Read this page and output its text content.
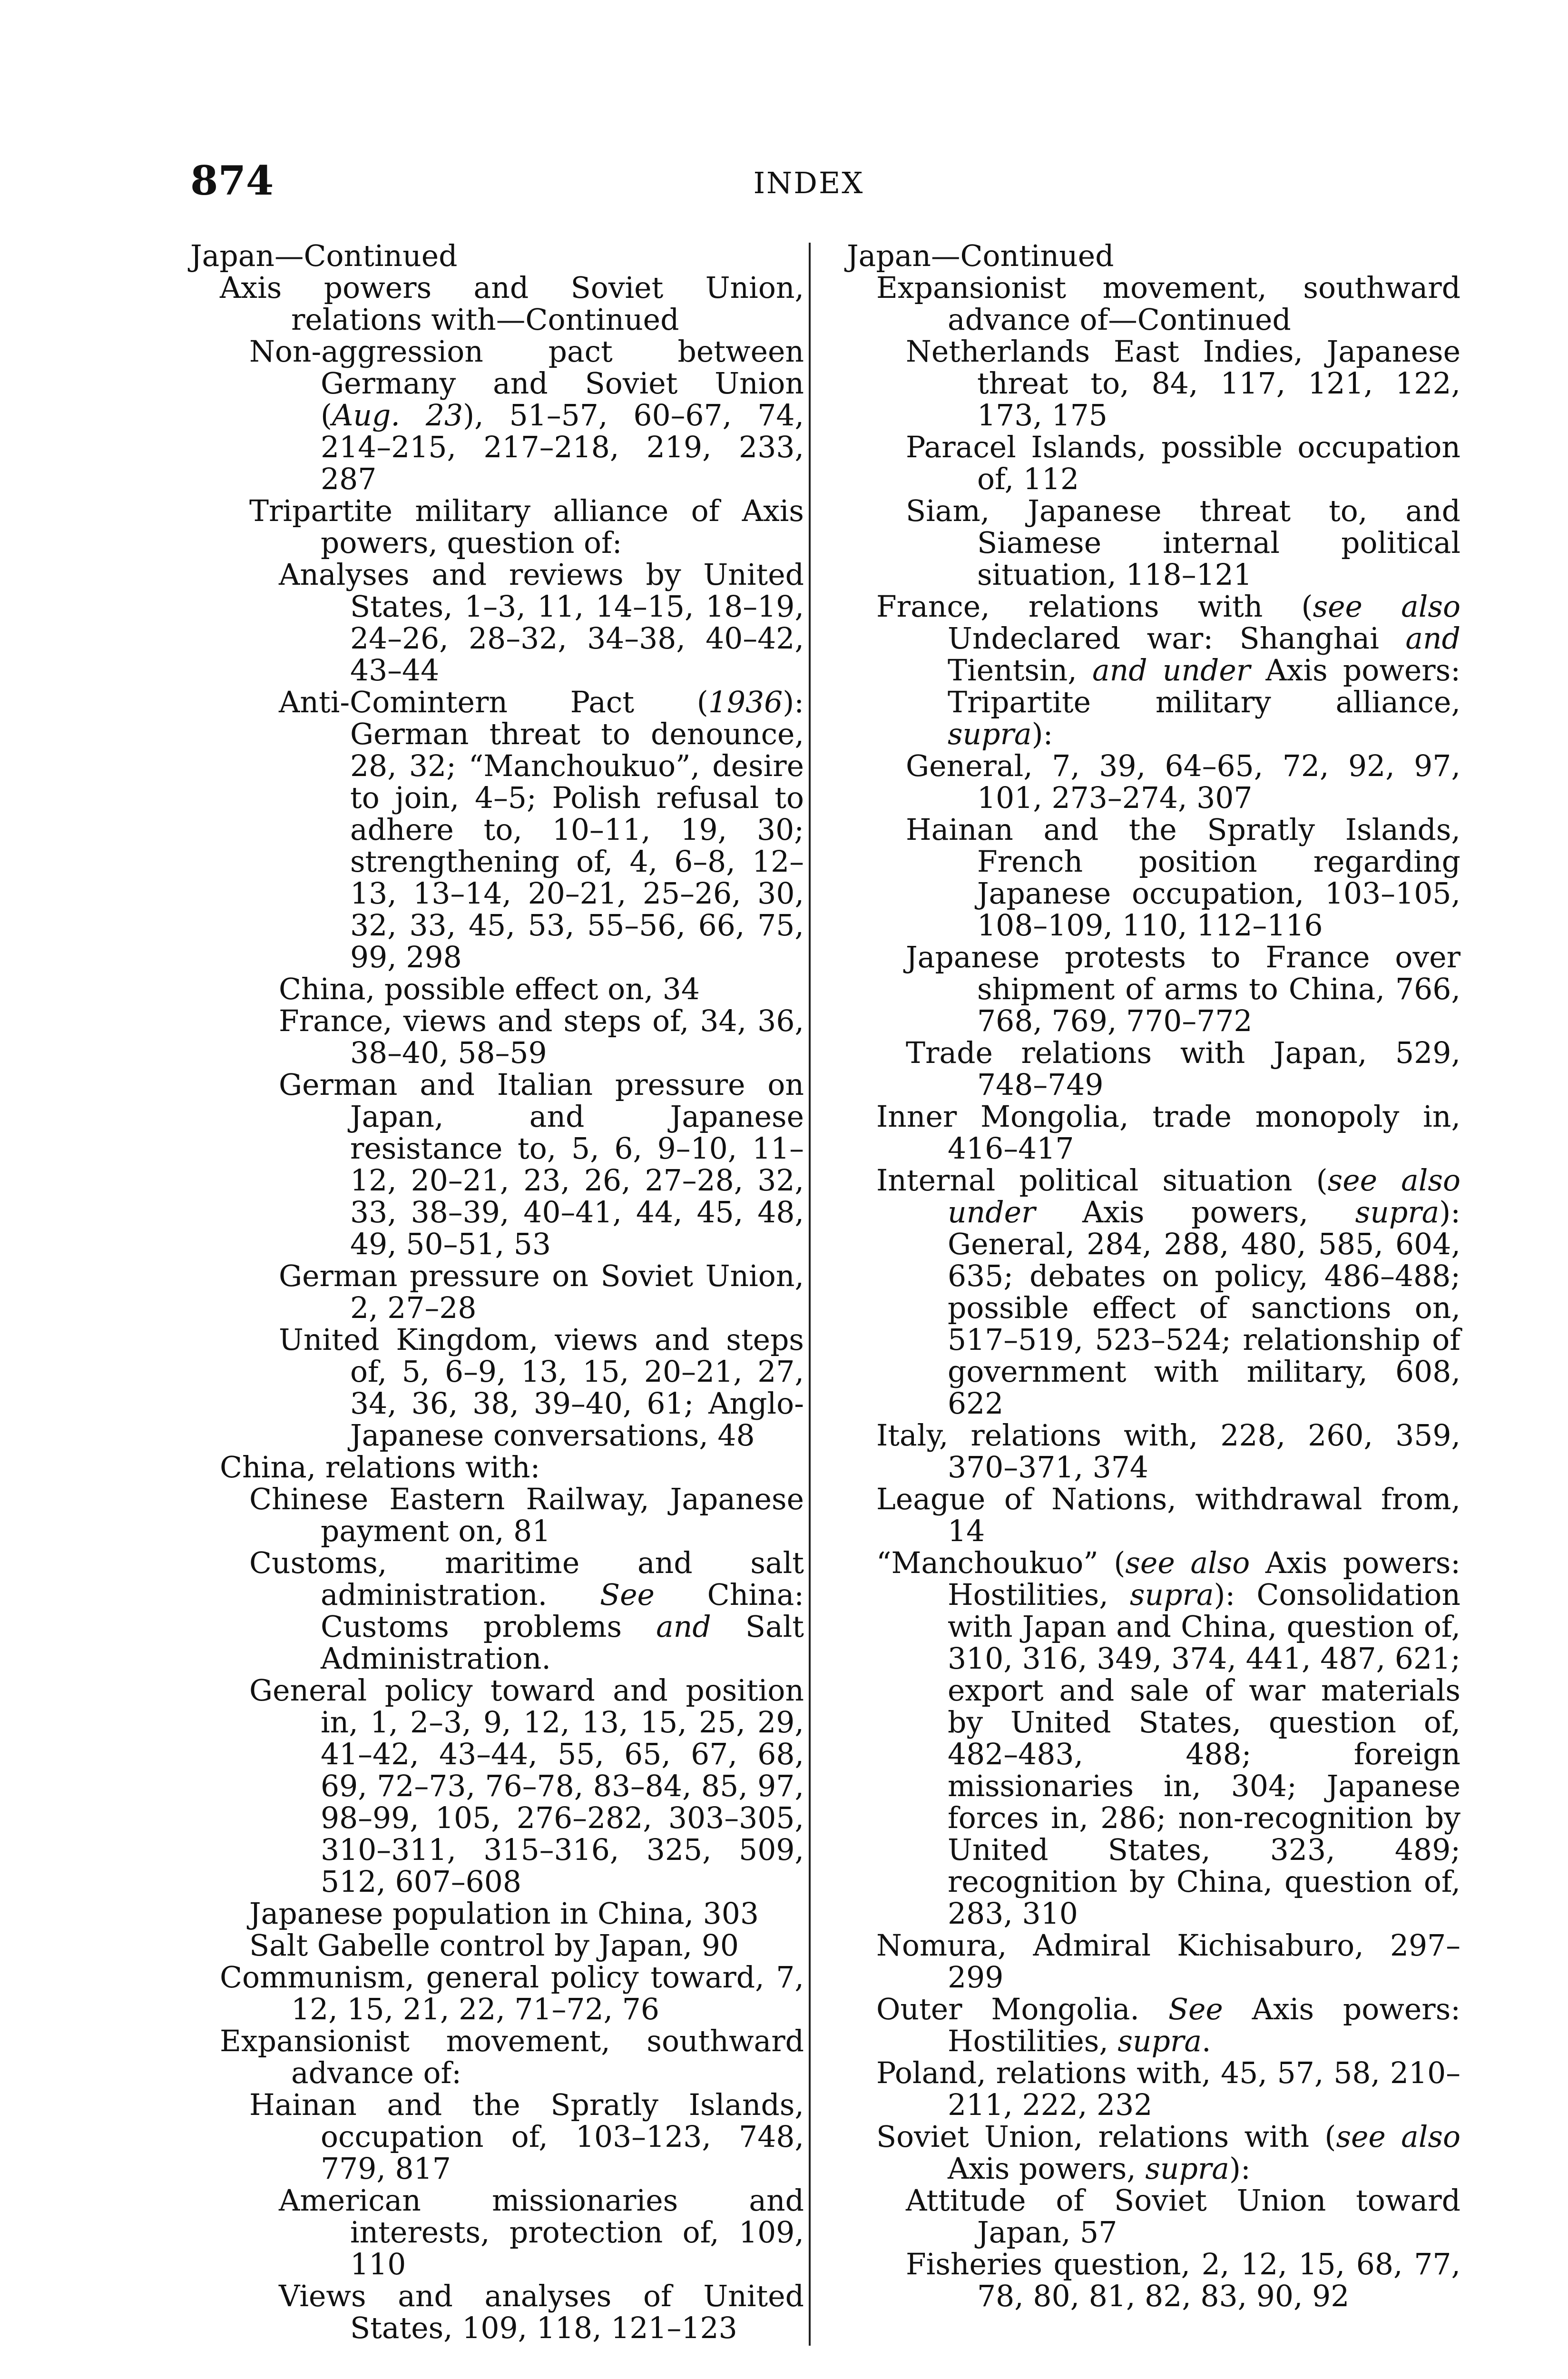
874	INDEX

Japan—Continued

Axis powers and Soviet Union, relations with—Continued

Non-aggression pact between Germany and Soviet Union (Aug. 23), 51–57, 60–67, 74, 214–215, 217–218, 219, 233, 287

Tripartite military alliance of Axis powers, question of:

Analyses and reviews by United States, 1–3, 11, 14–15, 18–19, 24–26, 28–32, 34–38, 40–42, 43–44

Anti-Comintern Pact (1936): German threat to denounce, 28, 32; “Manchoukuo”, desire to join, 4–5; Polish refusal to adhere to, 10–11, 19, 30; strengthening of, 4, 6–8, 12–13, 13–14, 20–21, 25–26, 30, 32, 33, 45, 53, 55–56, 66, 75, 99, 298

China, possible effect on, 34

France, views and steps of, 34, 36, 38–40, 58–59

German and Italian pressure on Japan, and Japanese resistance to, 5, 6, 9–10, 11–12, 20–21, 23, 26, 27–28, 32, 33, 38–39, 40–41, 44, 45, 48, 49, 50–51, 53

German pressure on Soviet Union, 2, 27–28

United Kingdom, views and steps of, 5, 6–9, 13, 15, 20–21, 27, 34, 36, 38, 39–40, 61; Anglo-Japanese conversations, 48

China, relations with:

Chinese Eastern Railway, Japanese payment on, 81

Customs, maritime and salt administration. See China: Customs problems and Salt Administration.

General policy toward and position in, 1, 2–3, 9, 12, 13, 15, 25, 29, 41–42, 43–44, 55, 65, 67, 68, 69, 72–73, 76–78, 83–84, 85, 97, 98–99, 105, 276–282, 303–305, 310–311, 315–316, 325, 509, 512, 607–608

Japanese population in China, 303

Salt Gabelle control by Japan, 90

Communism, general policy toward, 7, 12, 15, 21, 22, 71–72, 76

Expansionist movement, southward advance of:

Hainan and the Spratly Islands, occupation of, 103–123, 748, 779, 817

American missionaries and interests, protection of, 109, 110

Views and analyses of United States, 109, 118, 121–123

Japan—Continued

Expansionist movement, southward advance of—Continued

Netherlands East Indies, Japanese threat to, 84, 117, 121, 122, 173, 175

Paracel Islands, possible occupation of, 112

Siam, Japanese threat to, and Siamese internal political situation, 118–121

France, relations with (see also Undeclared war: Shanghai and Tientsin, and under Axis powers: Tripartite military alliance, supra):

General, 7, 39, 64–65, 72, 92, 97, 101, 273–274, 307

Hainan and the Spratly Islands, French position regarding Japanese occupation, 103–105, 108–109, 110, 112–116

Japanese protests to France over shipment of arms to China, 766, 768, 769, 770–772

Trade relations with Japan, 529, 748–749

Inner Mongolia, trade monopoly in, 416–417

Internal political situation (see also under Axis powers, supra): General, 284, 288, 480, 585, 604, 635; debates on policy, 486–488; possible effect of sanctions on, 517–519, 523–524; relationship of government with military, 608, 622

Italy, relations with, 228, 260, 359, 370–371, 374

League of Nations, withdrawal from, 14

“Manchoukuo” (see also Axis powers: Hostilities, supra): Consolidation with Japan and China, question of, 310, 316, 349, 374, 441, 487, 621; export and sale of war materials by United States, question of, 482–483, 488; foreign missionaries in, 304; Japanese forces in, 286; non-recognition by United States, 323, 489; recognition by China, question of, 283, 310

Nomura, Admiral Kichisaburo, 297–299

Outer Mongolia. See Axis powers: Hostilities, supra.

Poland, relations with, 45, 57, 58, 210–211, 222, 232

Soviet Union, relations with (see also Axis powers, supra):

Attitude of Soviet Union toward Japan, 57

Fisheries question, 2, 12, 15, 68, 77, 78, 80, 81, 82, 83, 90, 92
